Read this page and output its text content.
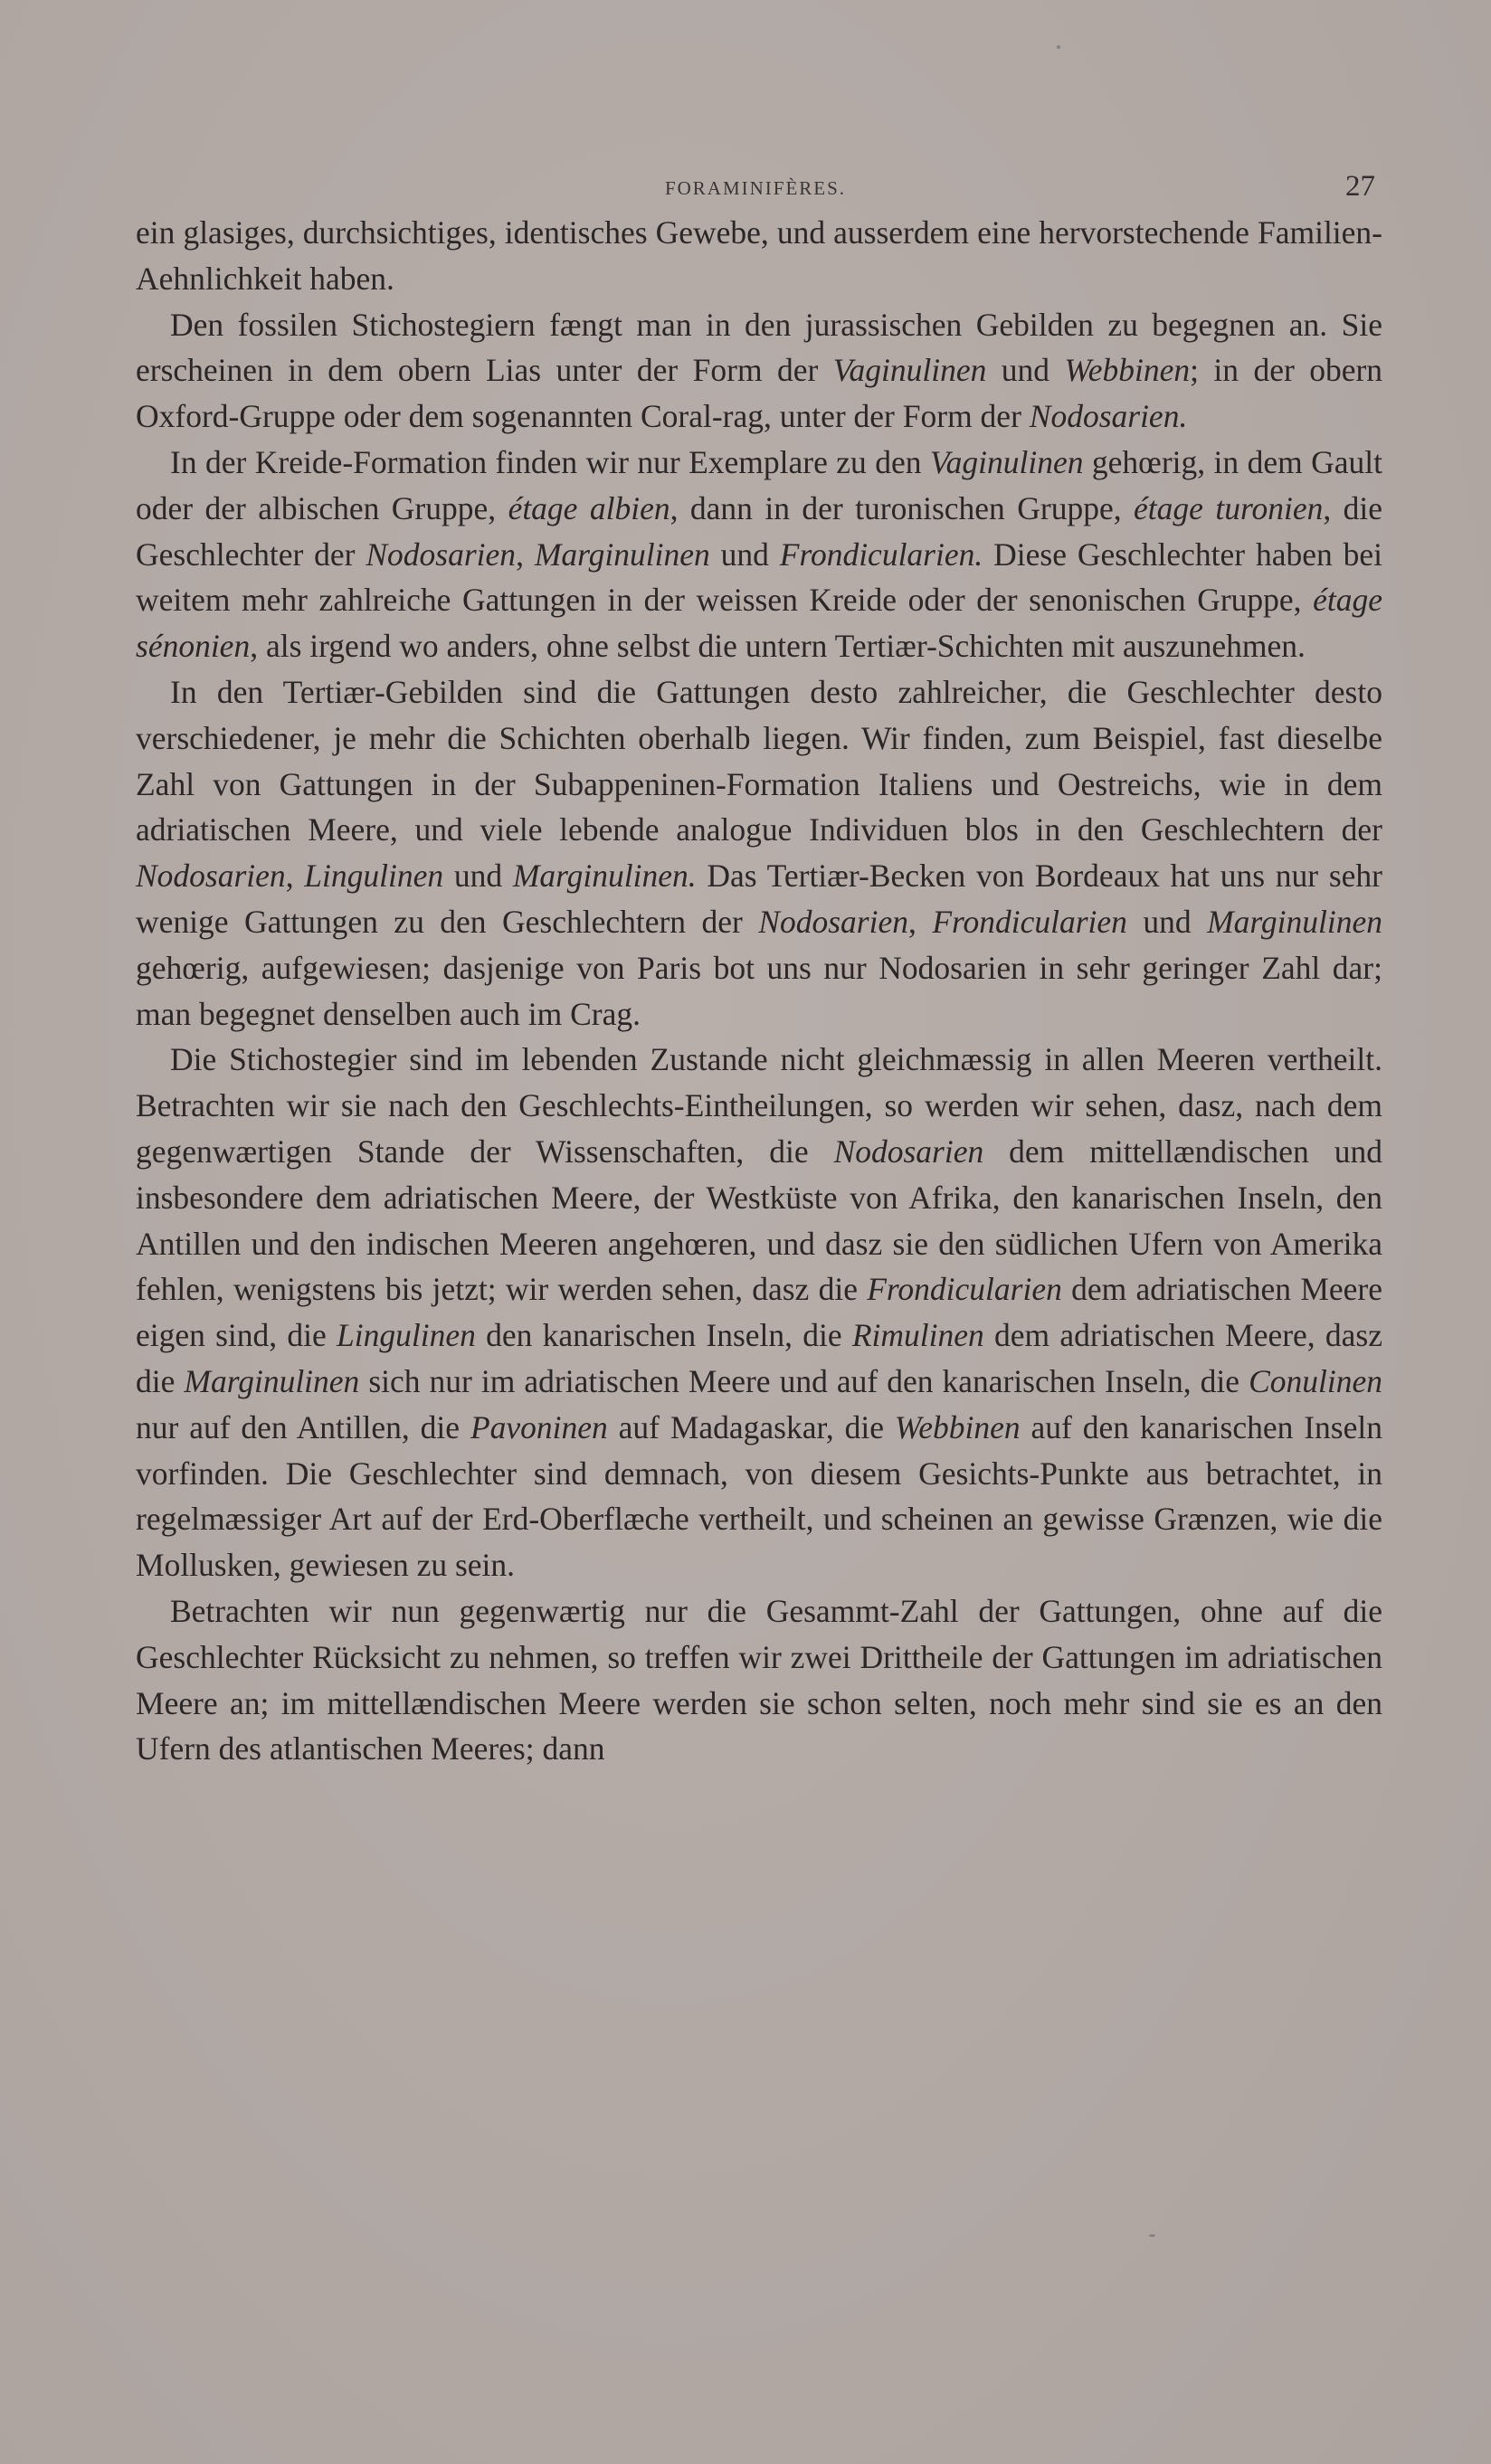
FORAMINIFÈRES.	27

ein glasiges, durchsichtiges, identisches Gewebe, und ausserdem eine hervorstechende Familien-Aehnlichkeit haben.

Den fossilen Stichostegiern fængt man in den jurassischen Gebilden zu begegnen an. Sie erscheinen in dem obern Lias unter der Form der Vaginulinen und Webbinen; in der obern Oxford-Gruppe oder dem sogenannten Coral-rag, unter der Form der Nodosarien.

In der Kreide-Formation finden wir nur Exemplare zu den Vaginulinen gehœrig, in dem Gault oder der albischen Gruppe, étage albien, dann in der turonischen Gruppe, étage turonien, die Geschlechter der Nodosarien, Marginulinen und Frondicularien. Diese Geschlechter haben bei weitem mehr zahlreiche Gattungen in der weissen Kreide oder der senonischen Gruppe, étage sénonien, als irgend wo anders, ohne selbst die untern Tertiær-Schichten mit auszunehmen.

In den Tertiær-Gebilden sind die Gattungen desto zahlreicher, die Geschlechter desto verschiedener, je mehr die Schichten oberhalb liegen. Wir finden, zum Beispiel, fast dieselbe Zahl von Gattungen in der Subappeninen-Formation Italiens und Oestreichs, wie in dem adriatischen Meere, und viele lebende analogue Individuen blos in den Geschlechtern der Nodosarien, Lingulinen und Marginulinen. Das Tertiær-Becken von Bordeaux hat uns nur sehr wenige Gattungen zu den Geschlechtern der Nodosarien, Frondicularien und Marginulinen gehœrig, aufgewiesen; dasjenige von Paris bot uns nur Nodosarien in sehr geringer Zahl dar; man begegnet denselben auch im Crag.

Die Stichostegier sind im lebenden Zustande nicht gleichmæssig in allen Meeren vertheilt. Betrachten wir sie nach den Geschlechts-Eintheilungen, so werden wir sehen, dasz, nach dem gegenwærtigen Stande der Wissenschaften, die Nodosarien dem mittellændischen und insbesondere dem adriatischen Meere, der Westküste von Afrika, den kanarischen Inseln, den Antillen und den indischen Meeren angehœren, und dasz sie den südlichen Ufern von Amerika fehlen, wenigstens bis jetzt; wir werden sehen, dasz die Frondicularien dem adriatischen Meere eigen sind, die Lingulinen den kanarischen Inseln, die Rimulinen dem adriatischen Meere, dasz die Marginulinen sich nur im adriatischen Meere und auf den kanarischen Inseln, die Conulinen nur auf den Antillen, die Pavoninen auf Madagaskar, die Webbinen auf den kanarischen Inseln vorfinden. Die Geschlechter sind demnach, von diesem Gesichts-Punkte aus betrachtet, in regelmæssiger Art auf der Erd-Oberflæche vertheilt, und scheinen an gewisse Grænzen, wie die Mollusken, gewiesen zu sein.

Betrachten wir nun gegenwærtig nur die Gesammt-Zahl der Gattungen, ohne auf die Geschlechter Rücksicht zu nehmen, so treffen wir zwei Drittheile der Gattungen im adriatischen Meere an; im mittellændischen Meere werden sie schon selten, noch mehr sind sie es an den Ufern des atlantischen Meeres; dann
